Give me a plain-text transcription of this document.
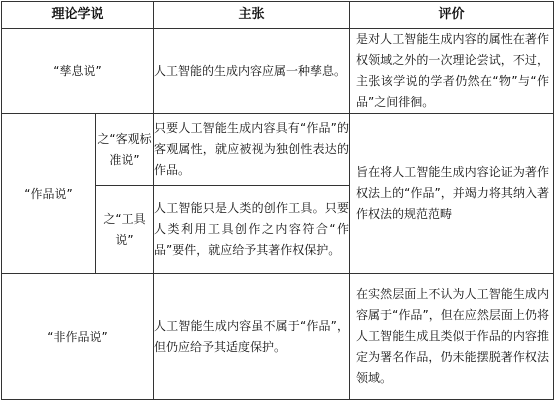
理论学说		主张	评价
“孳息说”		人工智能的生成内容应属一种孳息。	是对人工智能生成内容的属性在著作权领域之外的一次理论尝试，不过，主张该学说的学者仍然在“物”与“作品”之间徘徊。
“作品说”	之“客观标准说”	只要人工智能生成内容具有“作品”的客观属性，就应被视为独创性表达的作品。	旨在将人工智能生成内容论证为著作权法上的“作品”，并竭力将其纳入著作权法的规范范畴
	之“工具说”	人工智能只是人类的创作工具。只要人类利用工具创作之内容符合“作品”要件，就应给予其著作权保护。	
“非作品说”		人工智能生成内容虽不属于“作品”，但仍应给予其适度保护。	在实然层面上不认为人工智能生成内容属于“作品”，但在应然层面上仍将人工智能生成且类似于作品的内容推定为署名作品，仍未能摆脱著作权法领域。
